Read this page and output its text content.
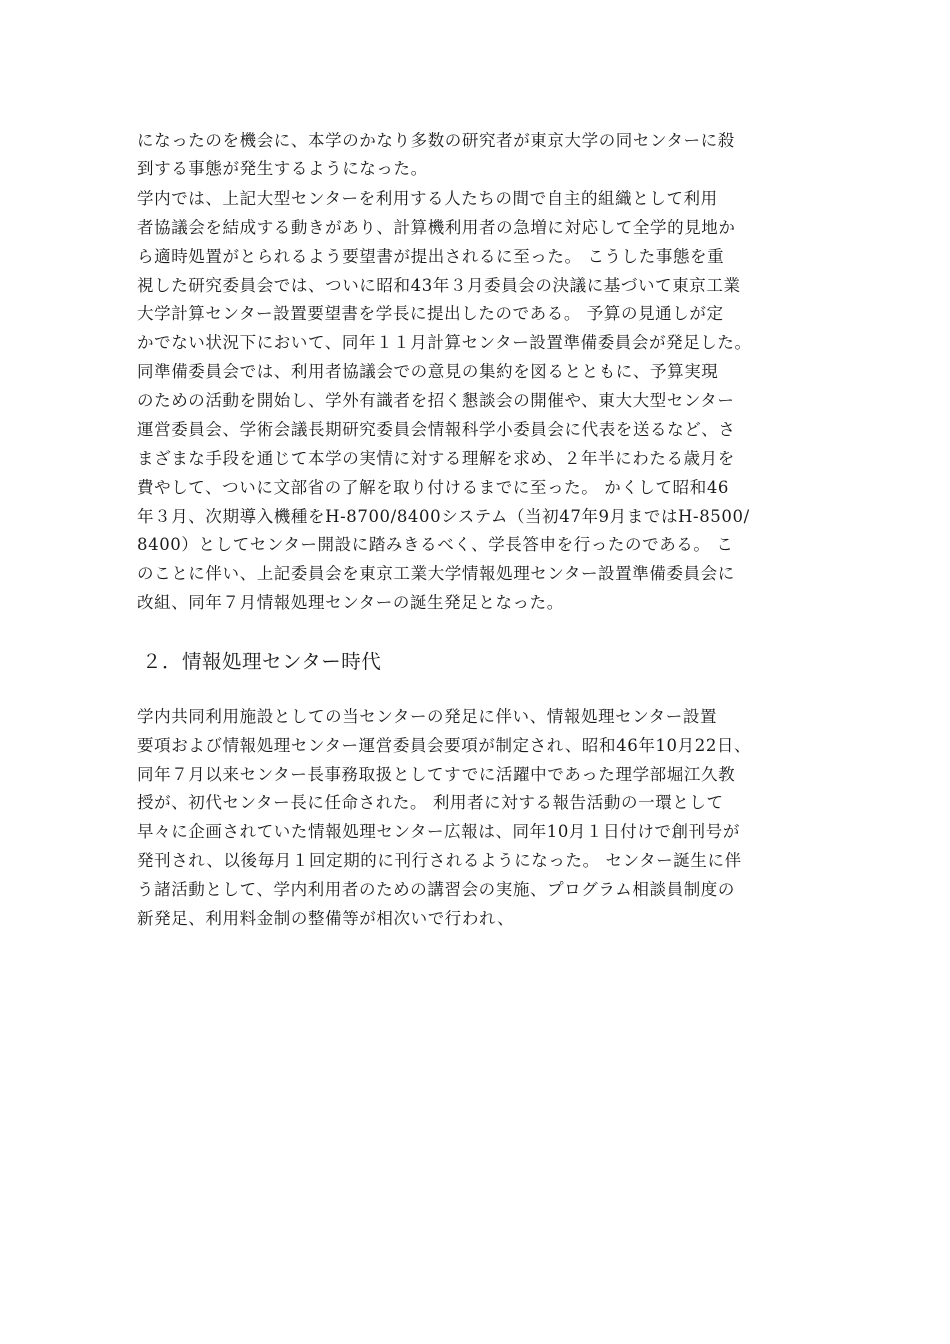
になったのを機会に、本学のかなり多数の研究者が東京大学の同センターに殺
到する事態が発生するようになった。
学内では、上記大型センターを利用する人たちの間で自主的組織として利用
者協議会を結成する動きがあり、計算機利用者の急増に対応して全学的見地か
ら適時処置がとられるよう要望書が提出されるに至った。 こうした事態を重
視した研究委員会では、ついに昭和43年３月委員会の決議に基づいて東京工業
大学計算センター設置要望書を学長に提出したのである。 予算の見通しが定
かでない状況下において、同年１１月計算センター設置準備委員会が発足した。
同準備委員会では、利用者協議会での意見の集約を図るとともに、予算実現
のための活動を開始し、学外有識者を招く懇談会の開催や、東大大型センター
運営委員会、学術会議長期研究委員会情報科学小委員会に代表を送るなど、さ
まざまな手段を通じて本学の実情に対する理解を求め、２年半にわたる歳月を
費やして、ついに文部省の了解を取り付けるまでに至った。 かくして昭和46
年３月、次期導入機種をH-8700/8400システム（当初47年9月まではH-8500/
8400）としてセンター開設に踏みきるべく、学長答申を行ったのである。 こ
のことに伴い、上記委員会を東京工業大学情報処理センター設置準備委員会に
改組、同年７月情報処理センターの誕生発足となった。
２．情報処理センター時代
学内共同利用施設としての当センターの発足に伴い、情報処理センター設置
要項および情報処理センター運営委員会要項が制定され、昭和46年10月22日、
同年７月以来センター長事務取扱としてすでに活躍中であった理学部堀江久教
授が、初代センター長に任命された。 利用者に対する報告活動の一環として
早々に企画されていた情報処理センター広報は、同年10月１日付けで創刊号が
発刊され、以後毎月１回定期的に刊行されるようになった。 センター誕生に伴
う諸活動として、学内利用者のための講習会の実施、プログラム相談員制度の
新発足、利用料金制の整備等が相次いで行われ、
